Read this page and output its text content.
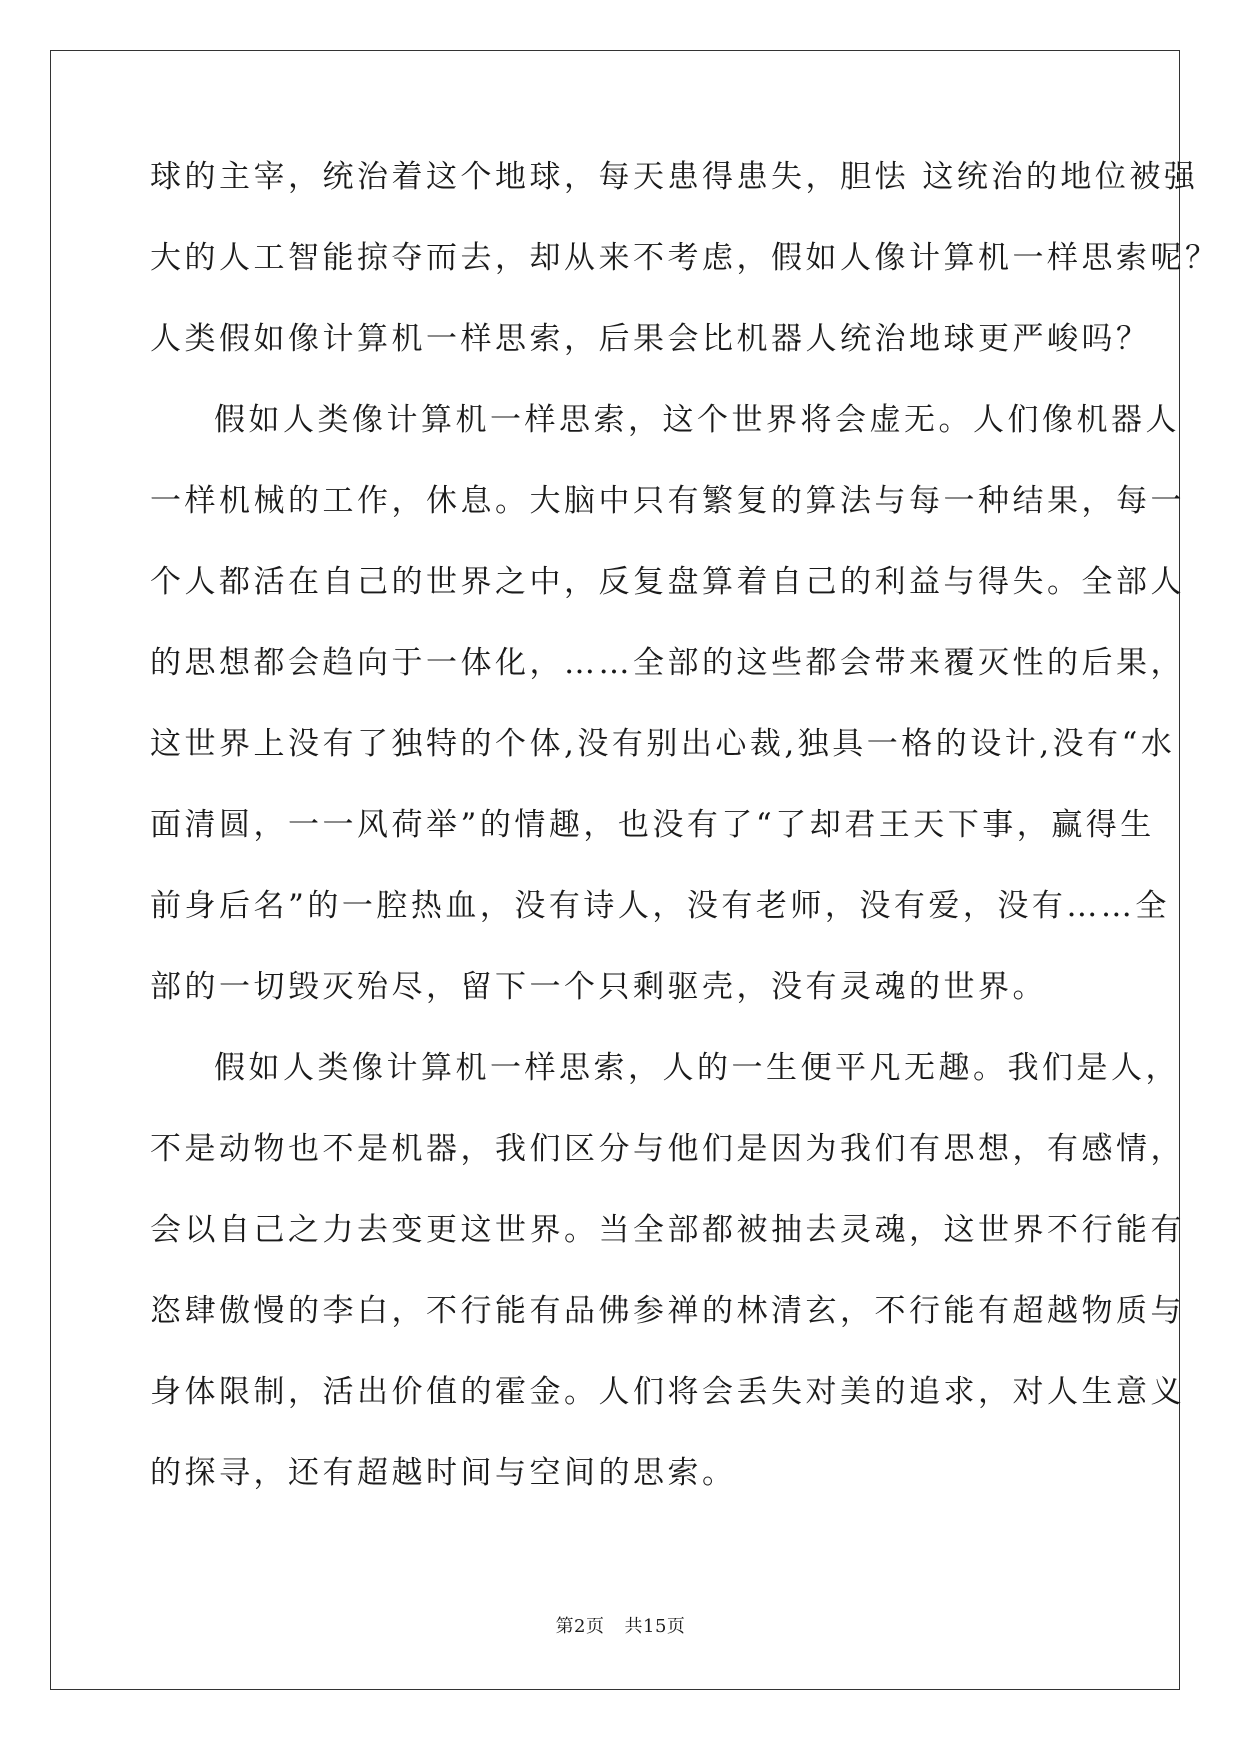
球的主宰，统治着这个地球，每天患得患失，胆怯 这统治的地位被强
大的人工智能掠夺而去，却从来不考虑，假如人像计算机一样思索呢？
人类假如像计算机一样思索，后果会比机器人统治地球更严峻吗？
假如人类像计算机一样思索，这个世界将会虚无。人们像机器人
一样机械的工作，休息。大脑中只有繁复的算法与每一种结果，每一
个人都活在自己的世界之中，反复盘算着自己的利益与得失。全部人
的思想都会趋向于一体化，……全部的这些都会带来覆灭性的后果，
这世界上没有了独特的个体,没有别出心裁,独具一格的设计,没有“水
面清圆，一一风荷举”的情趣，也没有了“了却君王天下事，赢得生
前身后名”的一腔热血，没有诗人，没有老师，没有爱，没有……全
部的一切毁灭殆尽，留下一个只剩驱壳，没有灵魂的世界。
假如人类像计算机一样思索，人的一生便平凡无趣。我们是人，
不是动物也不是机器，我们区分与他们是因为我们有思想，有感情，
会以自己之力去变更这世界。当全部都被抽去灵魂，这世界不行能有
恣肆傲慢的李白，不行能有品佛参禅的林清玄，不行能有超越物质与
身体限制，活出价值的霍金。人们将会丢失对美的追求，对人生意义
的探寻，还有超越时间与空间的思索。
第2页 共15页
